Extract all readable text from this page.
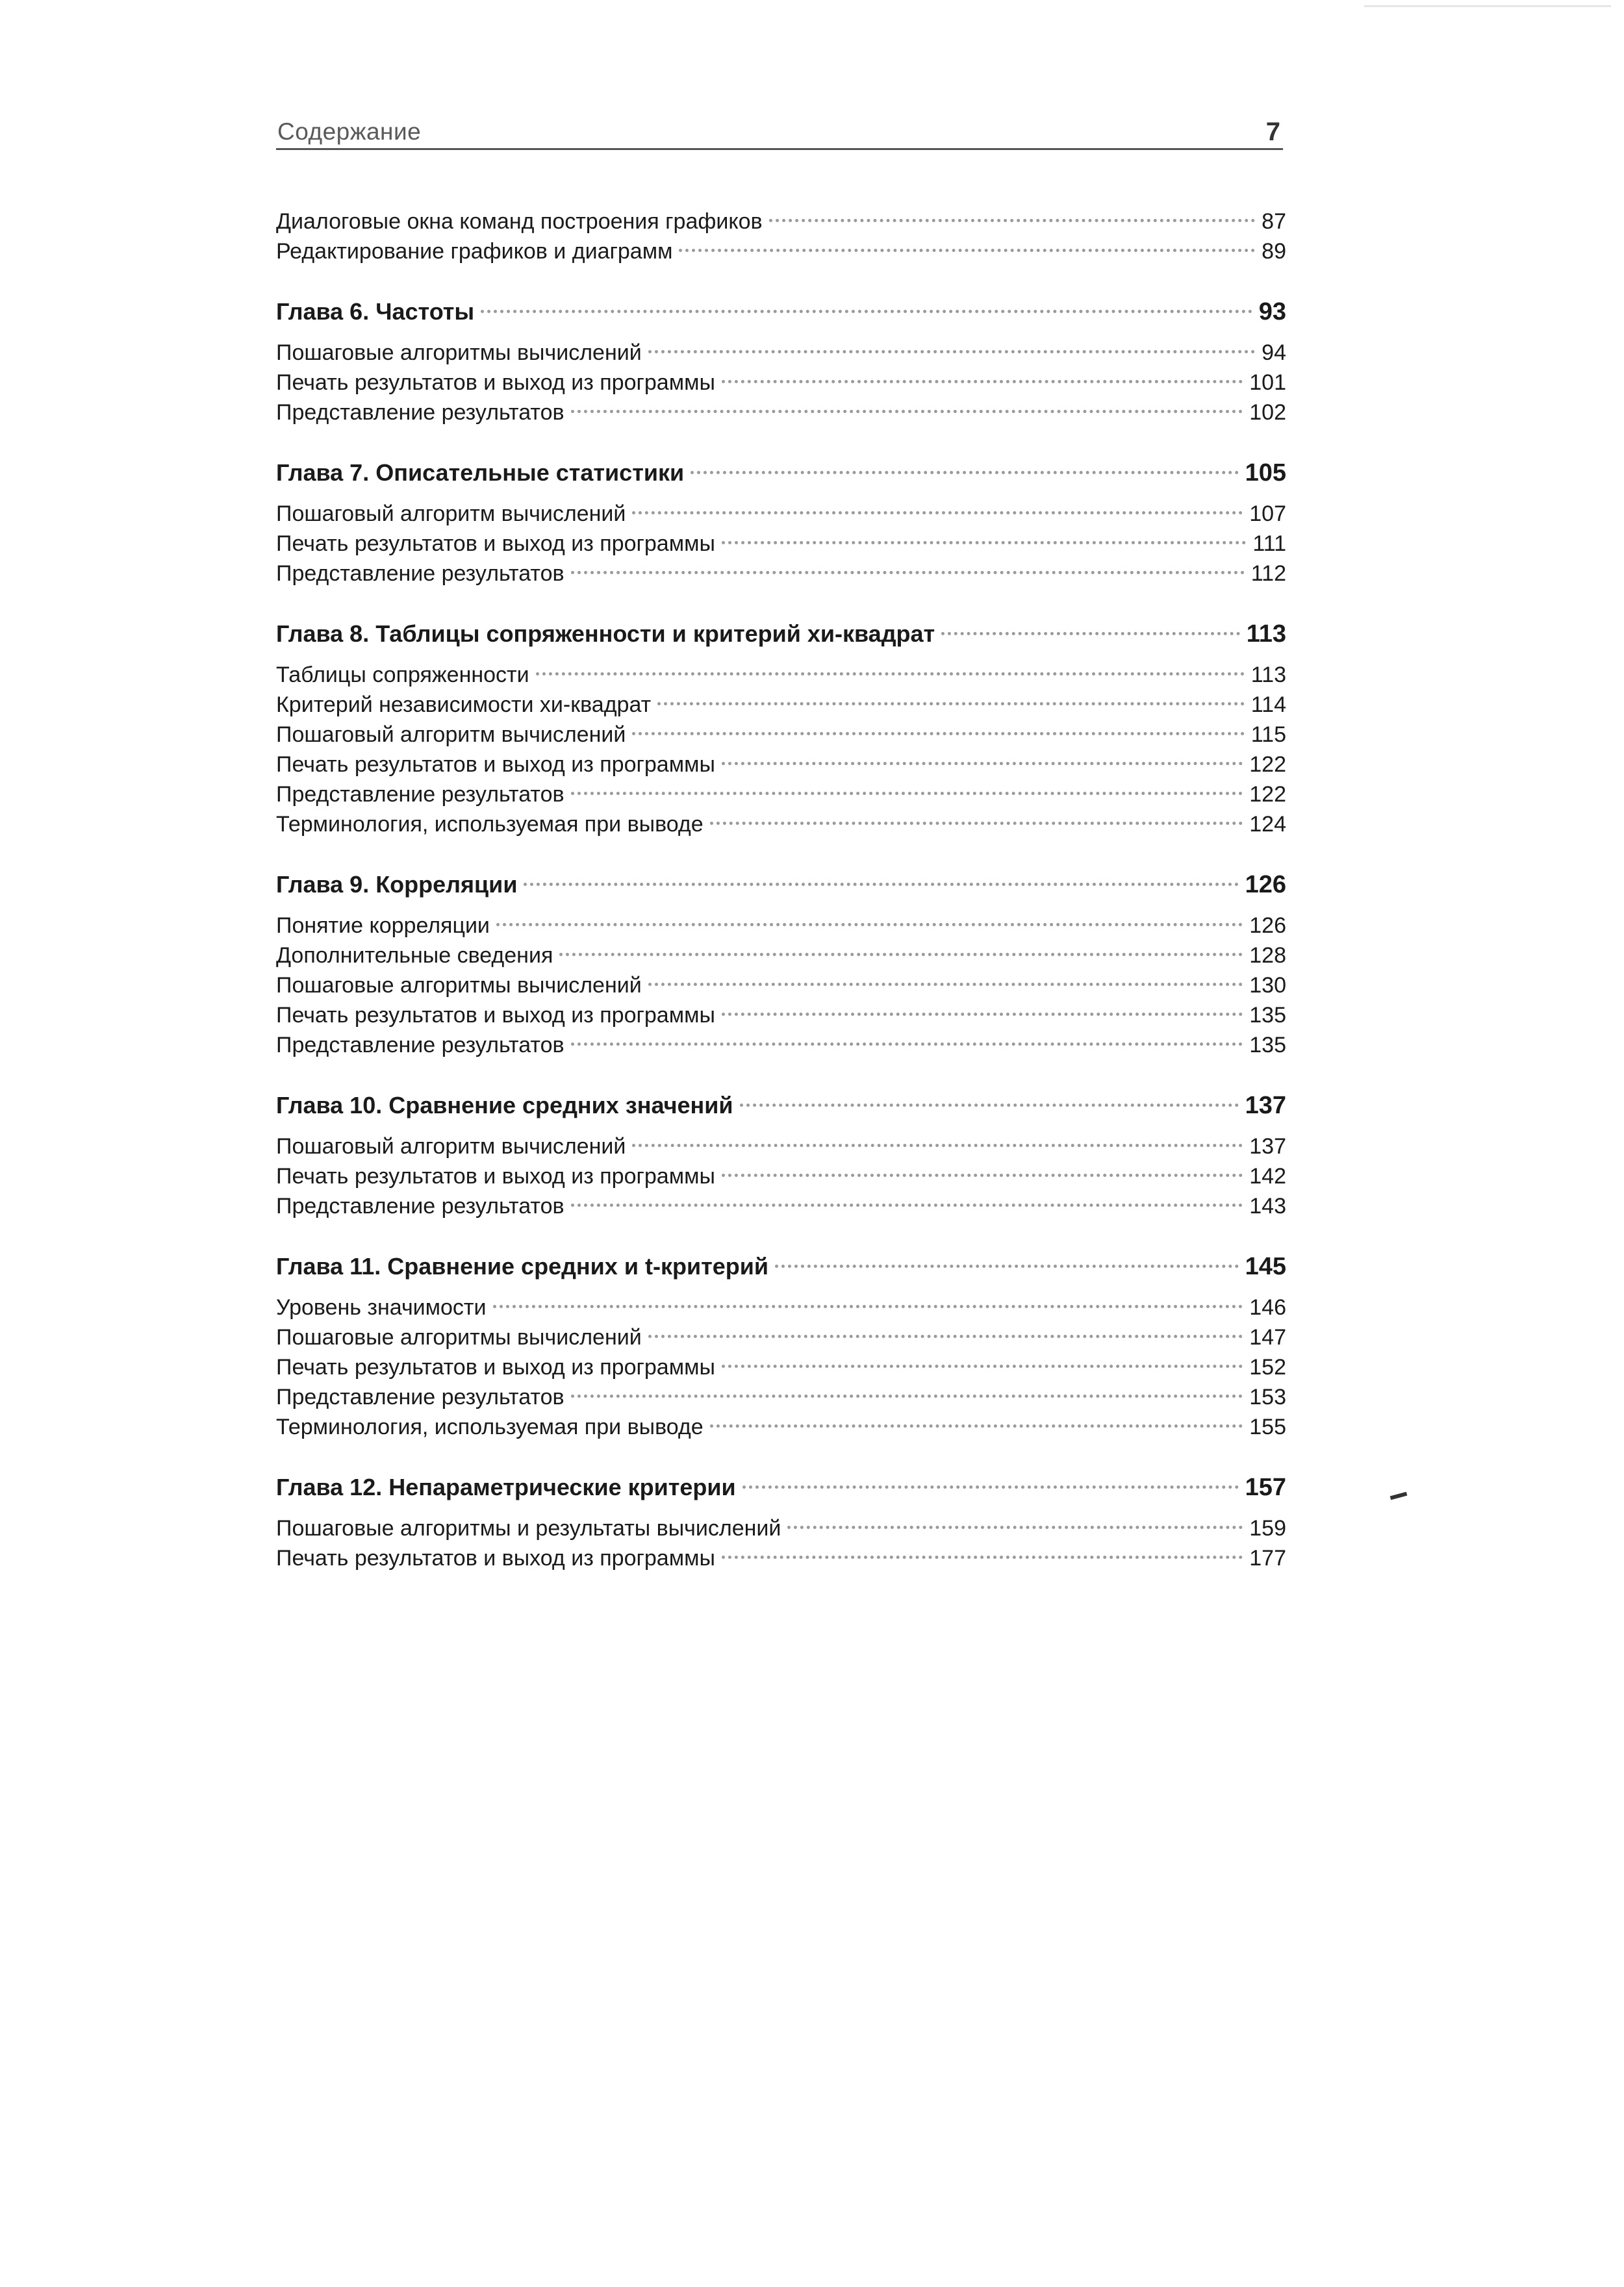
Содержание	7
Диалоговые окна команд построения графиков	87
Редактирование графиков и диаграмм	89
Глава 6. Частоты	93
Пошаговые алгоритмы вычислений	94
Печать результатов и выход из программы	101
Представление результатов	102
Глава 7. Описательные статистики	105
Пошаговый алгоритм вычислений	107
Печать результатов и выход из программы	111
Представление результатов	112
Глава 8. Таблицы сопряженности и критерий хи-квадрат	113
Таблицы сопряженности	113
Критерий независимости хи-квадрат	114
Пошаговый алгоритм вычислений	115
Печать результатов и выход из программы	122
Представление результатов	122
Терминология, используемая при выводе	124
Глава 9. Корреляции	126
Понятие корреляции	126
Дополнительные сведения	128
Пошаговые алгоритмы вычислений	130
Печать результатов и выход из программы	135
Представление результатов	135
Глава 10. Сравнение средних значений	137
Пошаговый алгоритм вычислений	137
Печать результатов и выход из программы	142
Представление результатов	143
Глава 11. Сравнение средних и t-критерий	145
Уровень значимости	146
Пошаговые алгоритмы вычислений	147
Печать результатов и выход из программы	152
Представление результатов	153
Терминология, используемая при выводе	155
Глава 12. Непараметрические критерии	157
Пошаговые алгоритмы и результаты вычислений	159
Печать результатов и выход из программы	177
